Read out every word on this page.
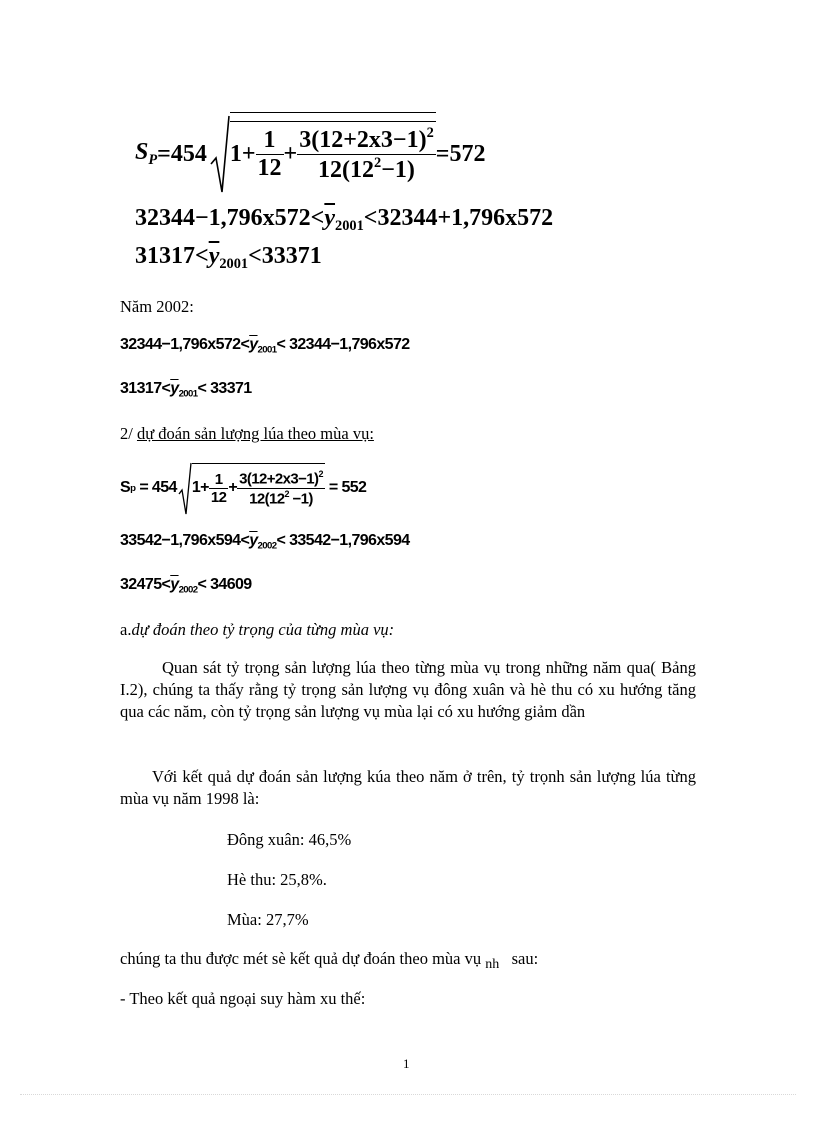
$S_P =454$ $1+ \frac{1}{12} + \frac{3(12+2x3-1)^2}{12(12^2-1)} =572$
$32344-1,796x572<\overline{y}_{2001}<32344+1,796x572$
$31317<\overline{y}_{2001}<33371$
Năm 2002:
$32344-1,796x572<\overline{y}_{2001}< 32344-1,796x572$
$31317<\overline{y}_{2001}< 33371$
2/ dự đoán sản lượng lúa theo mùa vụ:
S p = 454 $1+ \frac{1}{12} + \frac{3(12+2x3-1)^2}{12(12^2 -1)} = 552$
$33542-1,796x594<\overline{y}_{2002}< 33542-1,796x594$
$32475<\overline{y}_{2002}< 34609$
a.dự đoán theo tỷ trọng của từng mùa vụ:
Quan sát tỷ trọng sản lượng lúa theo từng mùa vụ trong những năm qua( Bảng I.2), chúng ta thấy rằng tỷ trọng sản lượng vụ đông xuân và hè thu có xu hướng tăng qua các năm, còn tỷ trọng sản lượng vụ mùa lại có xu hướng giảm dần
Với kết quả dự đoán sản lượng kúa theo năm ở trên, tỷ trọnh sản lượng lúa từng mùa vụ năm 1998 là:
Đông xuân: 46,5%
Hè thu: 25,8%.
Mùa: 27,7%
chúng ta thu được mét sè kết quả dự đoán theo mùa vụ $_{nh}$   sau:
- Theo kết quả ngoại suy hàm xu thế:
1
